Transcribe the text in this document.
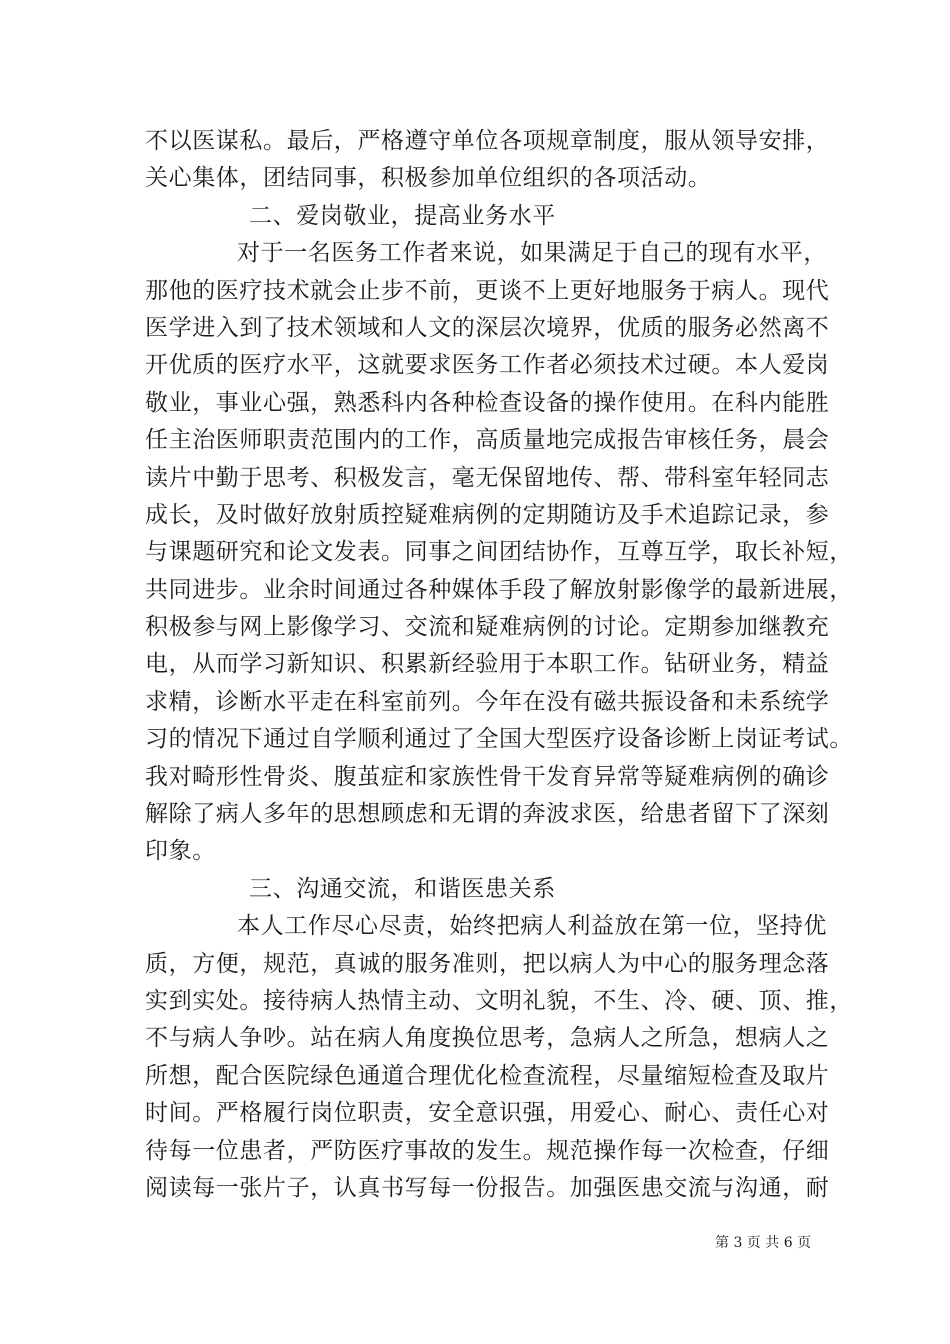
不以医谋私。最后，严格遵守单位各项规章制度，服从领导安排，
关心集体，团结同事，积极参加单位组织的各项活动。
二、爱岗敬业，提高业务水平
对于一名医务工作者来说，如果满足于自己的现有水平，
那他的医疗技术就会止步不前，更谈不上更好地服务于病人。现代
医学进入到了技术领域和人文的深层次境界，优质的服务必然离不
开优质的医疗水平，这就要求医务工作者必须技术过硬。本人爱岗
敬业，事业心强，熟悉科内各种检查设备的操作使用。在科内能胜
任主治医师职责范围内的工作，高质量地完成报告审核任务，晨会
读片中勤于思考、积极发言，毫无保留地传、帮、带科室年轻同志
成长，及时做好放射质控疑难病例的定期随访及手术追踪记录，参
与课题研究和论文发表。同事之间团结协作，互尊互学，取长补短，
共同进步。业余时间通过各种媒体手段了解放射影像学的最新进展，
积极参与网上影像学习、交流和疑难病例的讨论。定期参加继教充
电，从而学习新知识、积累新经验用于本职工作。钻研业务，精益
求精，诊断水平走在科室前列。今年在没有磁共振设备和未系统学
习的情况下通过自学顺利通过了全国大型医疗设备诊断上岗证考试。
我对畸形性骨炎、腹茧症和家族性骨干发育异常等疑难病例的确诊
解除了病人多年的思想顾虑和无谓的奔波求医，给患者留下了深刻
印象。
三、沟通交流，和谐医患关系
本人工作尽心尽责，始终把病人利益放在第一位，坚持优
质，方便，规范，真诚的服务准则，把以病人为中心的服务理念落
实到实处。接待病人热情主动、文明礼貌，不生、冷、硬、顶、推，
不与病人争吵。站在病人角度换位思考，急病人之所急，想病人之
所想，配合医院绿色通道合理优化检查流程，尽量缩短检查及取片
时间。严格履行岗位职责，安全意识强，用爱心、耐心、责任心对
待每一位患者，严防医疗事故的发生。规范操作每一次检查，仔细
阅读每一张片子，认真书写每一份报告。加强医患交流与沟通，耐
第 3 页 共 6 页
